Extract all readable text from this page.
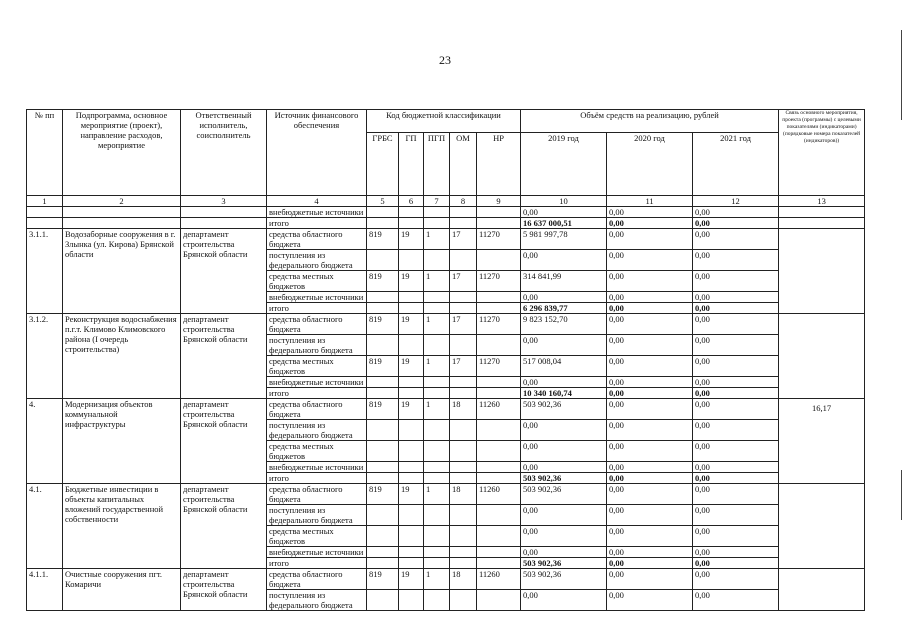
23
№ пп	Подпрограмма, основное мероприятие (проект), направление расходов, мероприятие	Ответственный исполнитель, соисполнитель	Источник финансового обеспечения	Код бюджетной классификации					Объём средств на реализацию, рублей			Связь основного мероприятия, проекта (программы) с целевыми показателями (индикаторами) (порядковые номера показателей (индикаторов))
				ГРБС	ГП	ПГП	ОМ	НР	2019 год	2020 год	2021 год	
1	2	3	4	5	6	7	8	9	10	11	12	13
			внебюджетные источники						0,00	0,00	0,00	
			итого						16 637 000,51	0,00	0,00	
3.1.1.	Водозаборные сооружения в г. Злынка (ул. Кирова) Брянской области	департамент строительства Брянской области	средства областного бюджета	819	19	1	17	11270	5 981 997,78	0,00	0,00	
			поступления из федерального бюджета						0,00	0,00	0,00	
			средства местных бюджетов	819	19	1	17	11270	314 841,99	0,00	0,00	
			внебюджетные источники						0,00	0,00	0,00	
			итого						6 296 839,77	0,00	0,00	
3.1.2.	Реконструкция водоснабжения п.г.т. Климово Климовского района (I очередь строительства)	департамент строительства Брянской области	средства областного бюджета	819	19	1	17	11270	9 823 152,70	0,00	0,00	
			поступления из федерального бюджета						0,00	0,00	0,00	
			средства местных бюджетов	819	19	1	17	11270	517 008,04	0,00	0,00	
			внебюджетные источники						0,00	0,00	0,00	
			итого						10 340 160,74	0,00	0,00	
4.	Модернизация объектов коммунальной инфраструктуры	департамент строительства Брянской области	средства областного бюджета	819	19	1	18	11260	503 902,36	0,00	0,00	16,17
			поступления из федерального бюджета						0,00	0,00	0,00	
			средства местных бюджетов						0,00	0,00	0,00	
			внебюджетные источники						0,00	0,00	0,00	
			итого						503 902,36	0,00	0,00	
4.1.	Бюджетные инвестиции в объекты капитальных вложений государственной собственности	департамент строительства Брянской области	средства областного бюджета	819	19	1	18	11260	503 902,36	0,00	0,00	
			поступления из федерального бюджета						0,00	0,00	0,00	
			средства местных бюджетов						0,00	0,00	0,00	
			внебюджетные источники						0,00	0,00	0,00	
			итого						503 902,36	0,00	0,00	
4.1.1.	Очистные сооружения пгт. Комаричи	департамент строительства Брянской области	средства областного бюджета	819	19	1	18	11260	503 902,36	0,00	0,00	
			поступления из федерального бюджета						0,00	0,00	0,00	
